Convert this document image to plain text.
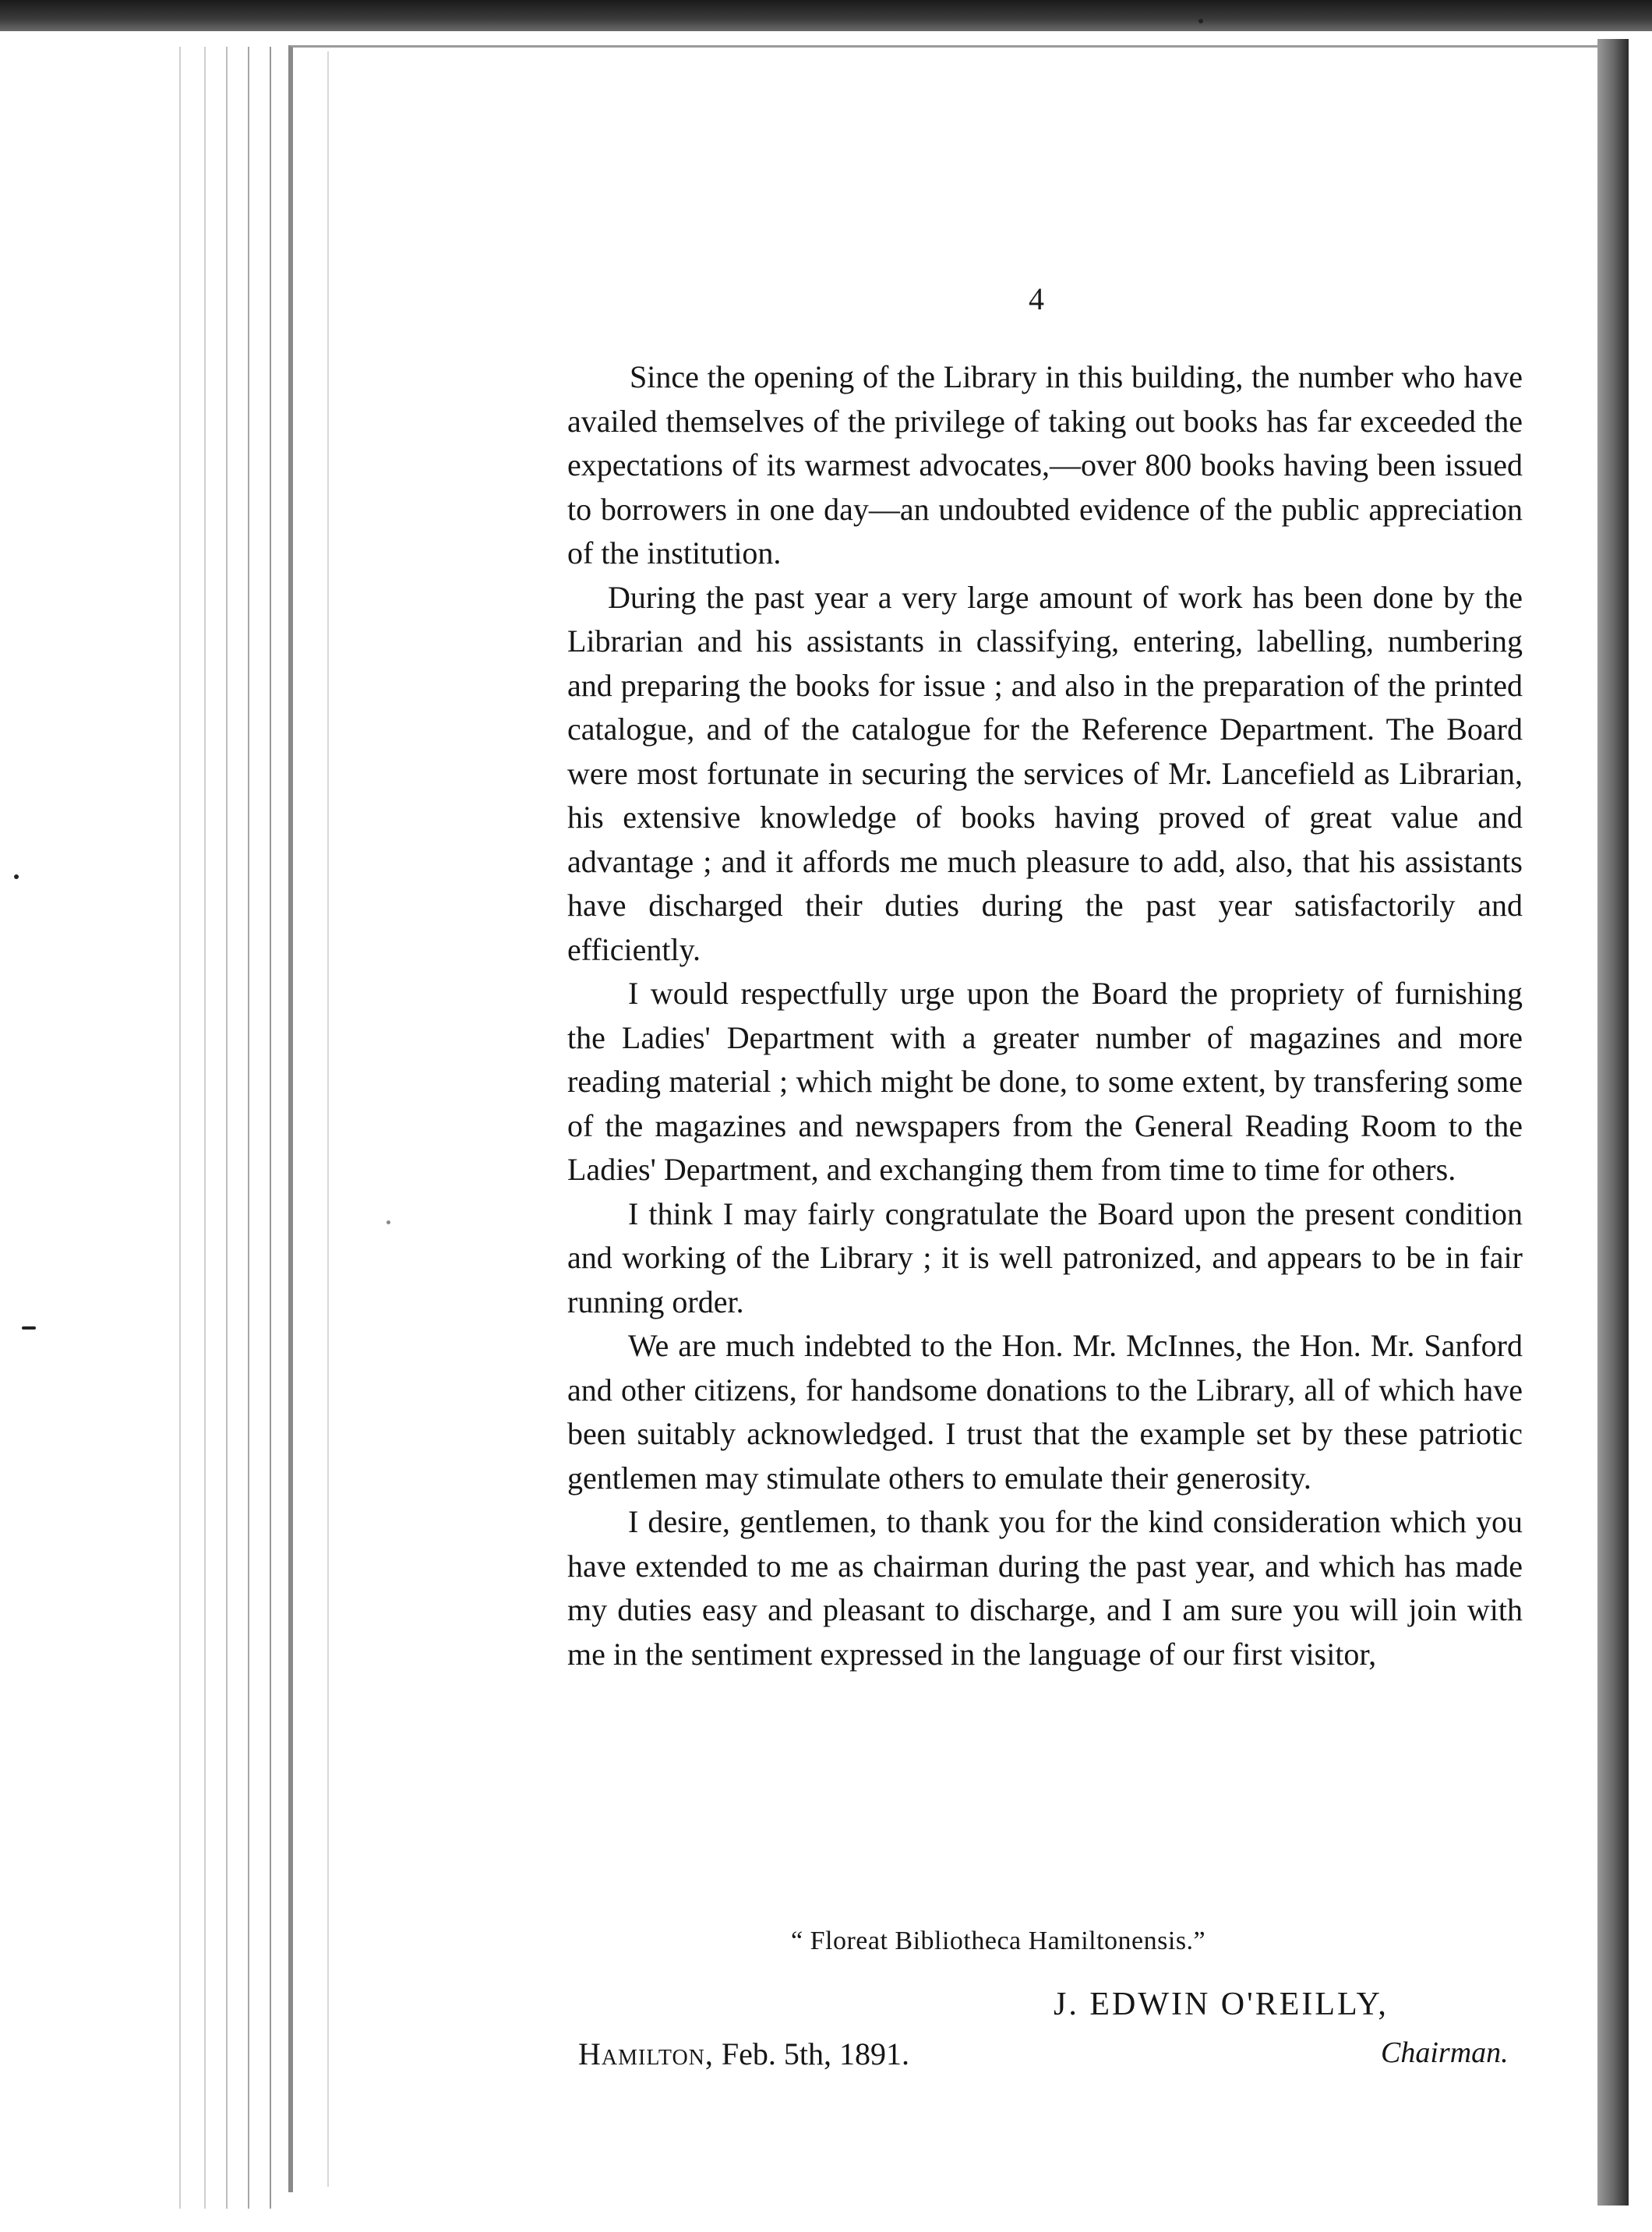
4

Since the opening of the Library in this building, the number who have availed themselves of the privilege of taking out books has far exceeded the expectations of its warmest advocates,—over 800 books having been issued to borrowers in one day—an undoubted evidence of the public appreciation of the institution.

During the past year a very large amount of work has been done by the Librarian and his assistants in classifying, entering, labelling, numbering and preparing the books for issue ; and also in the preparation of the printed catalogue, and of the catalogue for the Reference Department. The Board were most fortunate in securing the services of Mr. Lancefield as Librarian, his extensive knowledge of books having proved of great value and advantage ; and it affords me much pleasure to add, also, that his assistants have discharged their duties during the past year satisfactorily and efficiently.

I would respectfully urge upon the Board the propriety of furnishing the Ladies' Department with a greater number of magazines and more reading material ; which might be done, to some extent, by transfering some of the magazines and newspapers from the General Reading Room to the Ladies' Department, and exchanging them from time to time for others.

I think I may fairly congratulate the Board upon the present condition and working of the Library ; it is well patronized, and appears to be in fair running order.

We are much indebted to the Hon. Mr. McInnes, the Hon. Mr. Sanford and other citizens, for handsome donations to the Library, all of which have been suitably acknowledged. I trust that the example set by these patriotic gentlemen may stimulate others to emulate their generosity.

I desire, gentlemen, to thank you for the kind consideration which you have extended to me as chairman during the past year, and which has made my duties easy and pleasant to discharge, and I am sure you will join with me in the sentiment expressed in the language of our first visitor,

“ Floreat Bibliotheca Hamiltonensis.”
J. EDWIN O'REILLY,
Chairman.
Hamilton, Feb. 5th, 1891.
